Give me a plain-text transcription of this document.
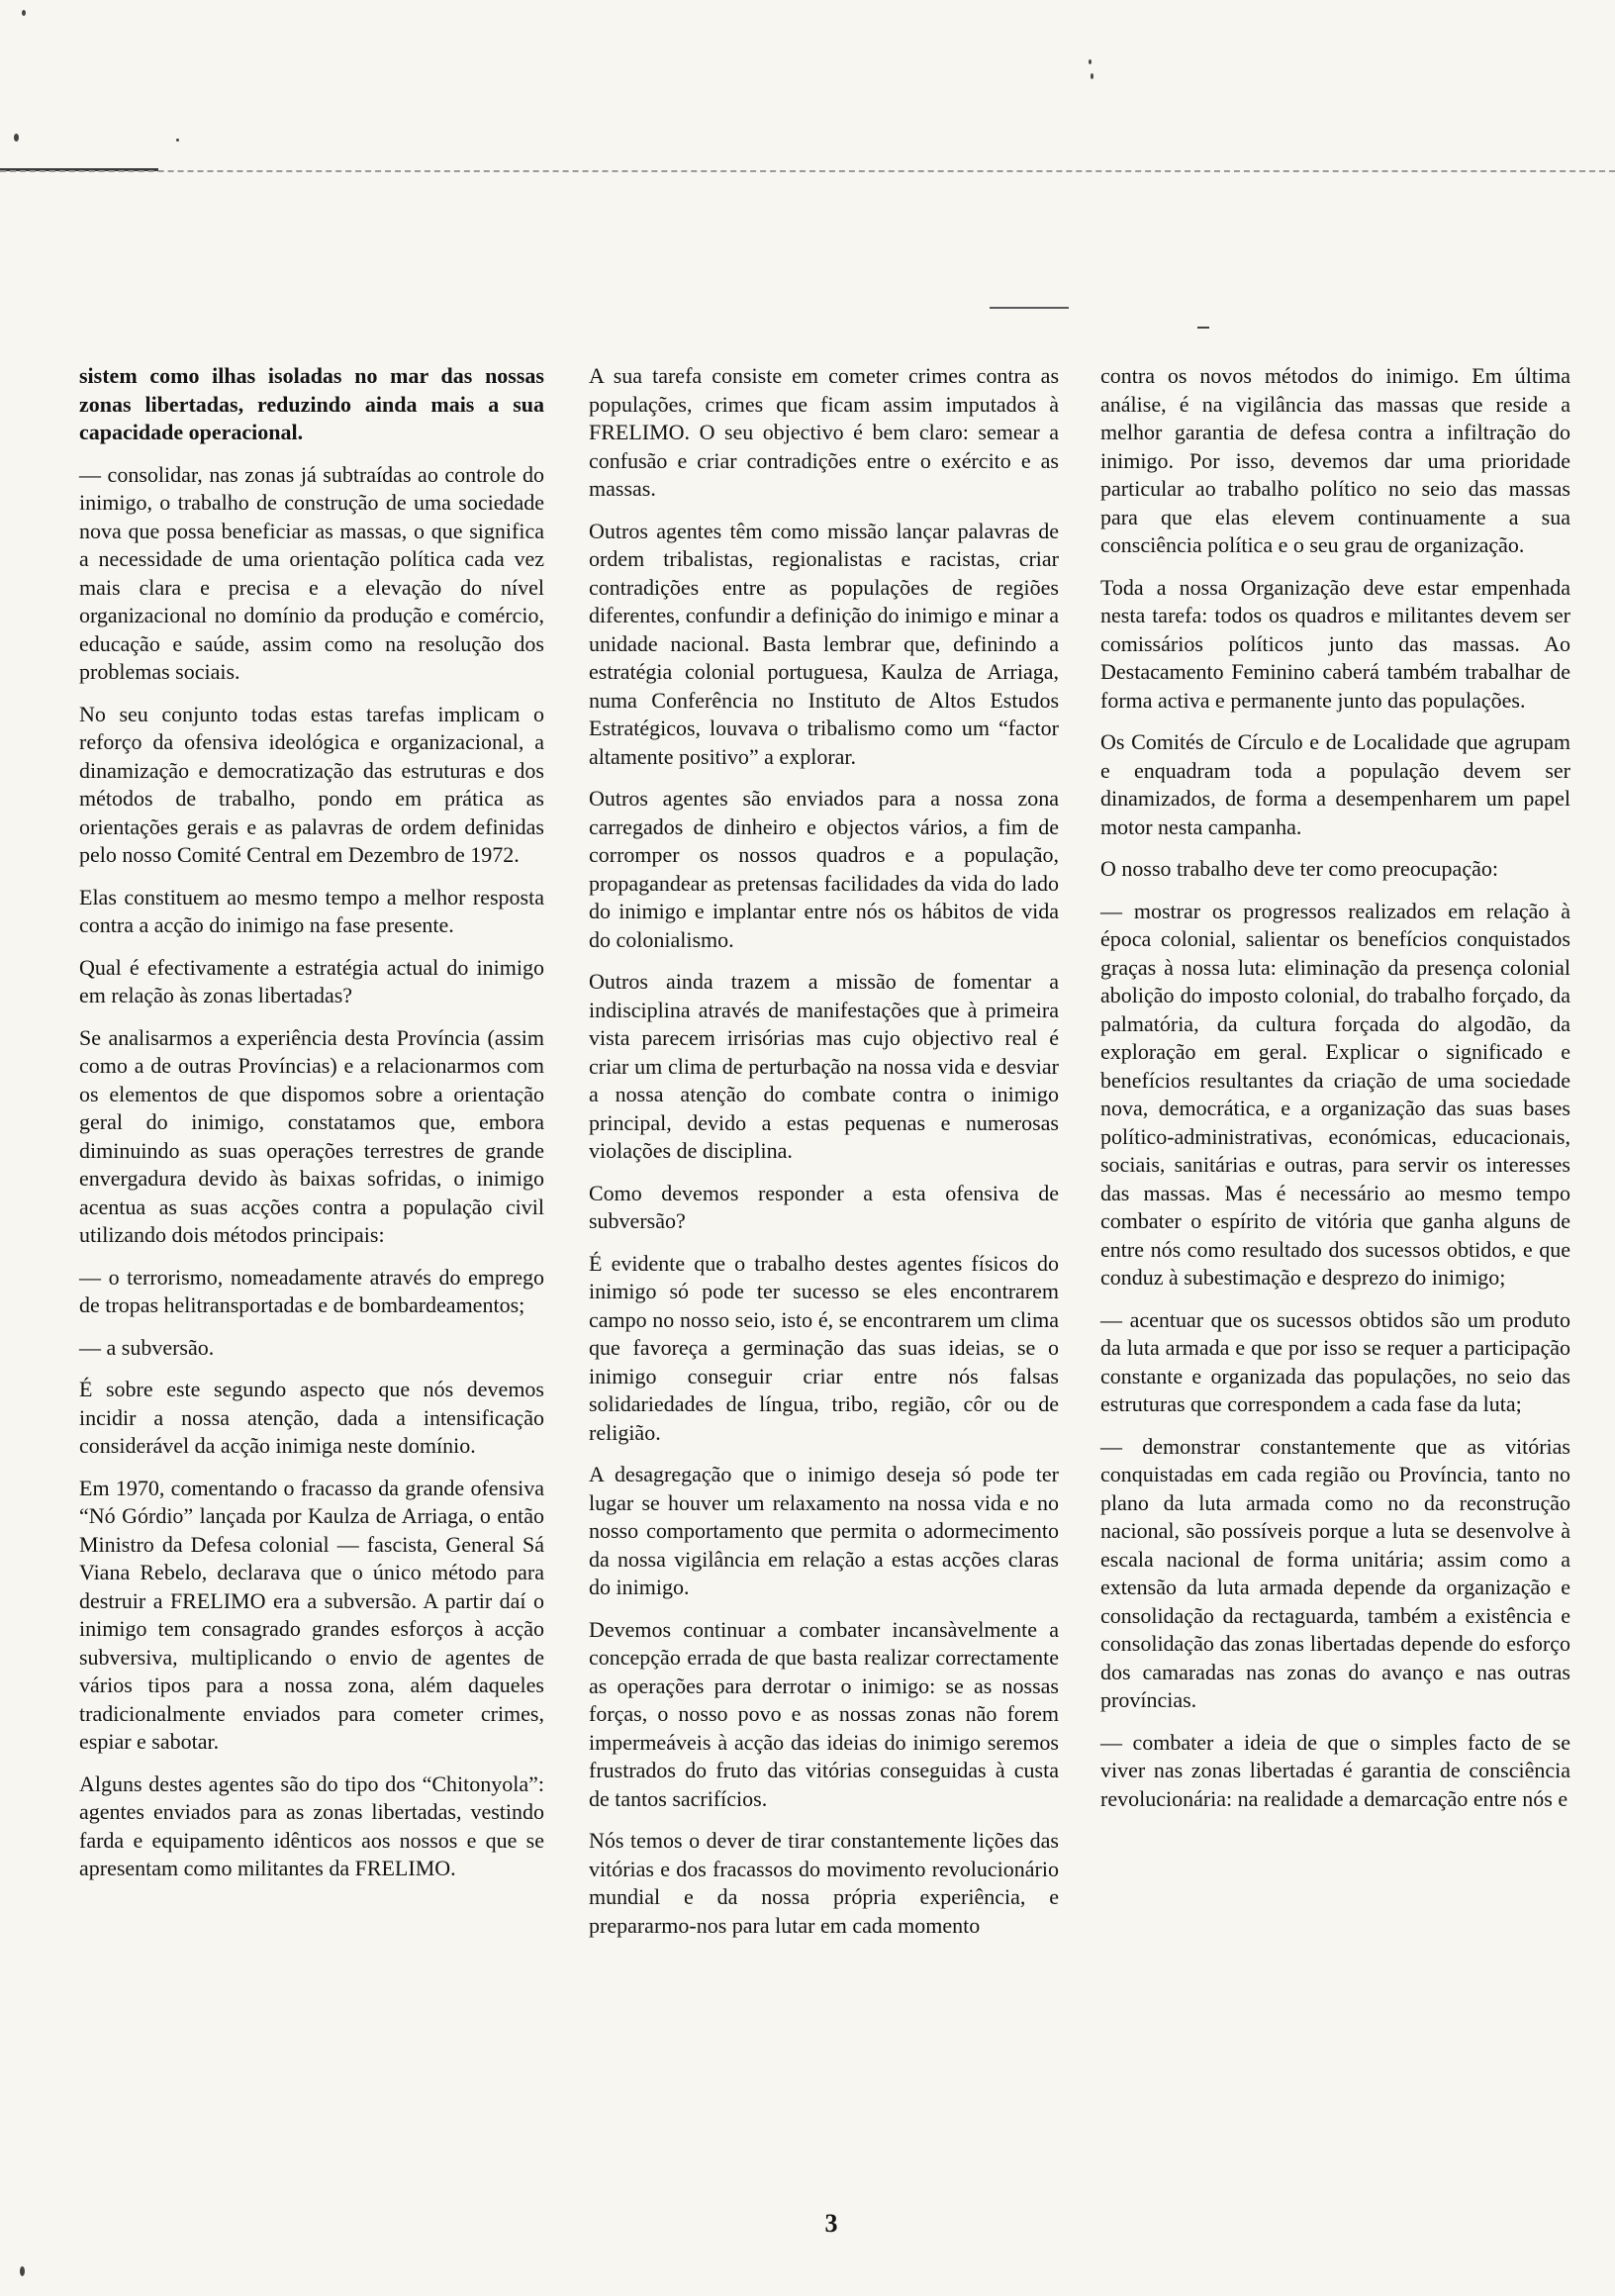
sistem como ilhas isoladas no mar das nossas zonas libertadas, reduzindo ainda mais a sua capacidade operacional.

— consolidar, nas zonas já subtraídas ao controle do inimigo, o trabalho de construção de uma sociedade nova que possa beneficiar as massas, o que significa a necessidade de uma orientação política cada vez mais clara e precisa e a elevação do nível organizacional no domínio da produção e comércio, educação e saúde, assim como na resolução dos problemas sociais.

No seu conjunto todas estas tarefas implicam o reforço da ofensiva ideológica e organizacional, a dinamização e democratização das estruturas e dos métodos de trabalho, pondo em prática as orientações gerais e as palavras de ordem definidas pelo nosso Comité Central em Dezembro de 1972.

Elas constituem ao mesmo tempo a melhor resposta contra a acção do inimigo na fase presente.

Qual é efectivamente a estratégia actual do inimigo em relação às zonas libertadas?

Se analisarmos a experiência desta Província (assim como a de outras Províncias) e a relacionarmos com os elementos de que dispomos sobre a orientação geral do inimigo, constatamos que, embora diminuindo as suas operações terrestres de grande envergadura devido às baixas sofridas, o inimigo acentua as suas acções contra a população civil utilizando dois métodos principais:

— o terrorismo, nomeadamente através do emprego de tropas helitransportadas e de bombardeamentos;

— a subversão.

É sobre este segundo aspecto que nós devemos incidir a nossa atenção, dada a intensificação considerável da acção inimiga neste domínio.

Em 1970, comentando o fracasso da grande ofensiva “Nó Górdio” lançada por Kaulza de Arriaga, o então Ministro da Defesa colonial — fascista, General Sá Viana Rebelo, declarava que o único método para destruir a FRELIMO era a subversão. A partir daí o inimigo tem consagrado grandes esforços à acção subversiva, multiplicando o envio de agentes de vários tipos para a nossa zona, além daqueles tradicionalmente enviados para cometer crimes, espiar e sabotar.

Alguns destes agentes são do tipo dos “Chitonyola”: agentes enviados para as zonas libertadas, vestindo farda e equipamento idênticos aos nossos e que se apresentam como militantes da FRELIMO.

A sua tarefa consiste em cometer crimes contra as populações, crimes que ficam assim imputados à FRELIMO. O seu objectivo é bem claro: semear a confusão e criar contradições entre o exército e as massas.

Outros agentes têm como missão lançar palavras de ordem tribalistas, regionalistas e racistas, criar contradições entre as populações de regiões diferentes, confundir a definição do inimigo e minar a unidade nacional. Basta lembrar que, definindo a estratégia colonial portuguesa, Kaulza de Arriaga, numa Conferência no Instituto de Altos Estudos Estratégicos, louvava o tribalismo como um “factor altamente positivo” a explorar.

Outros agentes são enviados para a nossa zona carregados de dinheiro e objectos vários, a fim de corromper os nossos quadros e a população, propagandear as pretensas facilidades da vida do lado do inimigo e implantar entre nós os hábitos de vida do colonialismo.

Outros ainda trazem a missão de fomentar a indisciplina através de manifestações que à primeira vista parecem irrisórias mas cujo objectivo real é criar um clima de perturbação na nossa vida e desviar a nossa atenção do combate contra o inimigo principal, devido a estas pequenas e numerosas violações de disciplina.

Como devemos responder a esta ofensiva de subversão?

É evidente que o trabalho destes agentes físicos do inimigo só pode ter sucesso se eles encontrarem campo no nosso seio, isto é, se encontrarem um clima que favoreça a germinação das suas ideias, se o inimigo conseguir criar entre nós falsas solidariedades de língua, tribo, região, côr ou de religião.

A desagregação que o inimigo deseja só pode ter lugar se houver um relaxamento na nossa vida e no nosso comportamento que permita o adormecimento da nossa vigilância em relação a estas acções claras do inimigo.

Devemos continuar a combater incansàvelmente a concepção errada de que basta realizar correctamente as operações para derrotar o inimigo: se as nossas forças, o nosso povo e as nossas zonas não forem impermeáveis à acção das ideias do inimigo seremos frustrados do fruto das vitórias conseguidas à custa de tantos sacrifícios.

Nós temos o dever de tirar constantemente lições das vitórias e dos fracassos do movimento revolucionário mundial e da nossa própria experiência, e prepararmo-nos para lutar em cada momento

contra os novos métodos do inimigo. Em última análise, é na vigilância das massas que reside a melhor garantia de defesa contra a infiltração do inimigo. Por isso, devemos dar uma prioridade particular ao trabalho político no seio das massas para que elas elevem continuamente a sua consciência política e o seu grau de organização.

Toda a nossa Organização deve estar empenhada nesta tarefa: todos os quadros e militantes devem ser comissários políticos junto das massas. Ao Destacamento Feminino caberá também trabalhar de forma activa e permanente junto das populações.

Os Comités de Círculo e de Localidade que agrupam e enquadram toda a população devem ser dinamizados, de forma a desempenharem um papel motor nesta campanha.

O nosso trabalho deve ter como preocupação:

— mostrar os progressos realizados em relação à época colonial, salientar os benefícios conquistados graças à nossa luta: eliminação da presença colonial abolição do imposto colonial, do trabalho forçado, da palmatória, da cultura forçada do algodão, da exploração em geral. Explicar o significado e benefícios resultantes da criação de uma sociedade nova, democrática, e a organização das suas bases político-administrativas, económicas, educacionais, sociais, sanitárias e outras, para servir os interesses das massas. Mas é necessário ao mesmo tempo combater o espírito de vitória que ganha alguns de entre nós como resultado dos sucessos obtidos, e que conduz à subestimação e desprezo do inimigo;

— acentuar que os sucessos obtidos são um produto da luta armada e que por isso se requer a participação constante e organizada das populações, no seio das estruturas que correspondem a cada fase da luta;

— demonstrar constantemente que as vitórias conquistadas em cada região ou Província, tanto no plano da luta armada como no da reconstrução nacional, são possíveis porque a luta se desenvolve à escala nacional de forma unitária; assim como a extensão da luta armada depende da organização e consolidação da rectaguarda, também a existência e consolidação das zonas libertadas depende do esforço dos camaradas nas zonas do avanço e nas outras províncias.

— combater a ideia de que o simples facto de se viver nas zonas libertadas é garantia de consciência revolucionária: na realidade a demarcação entre nós e

3
